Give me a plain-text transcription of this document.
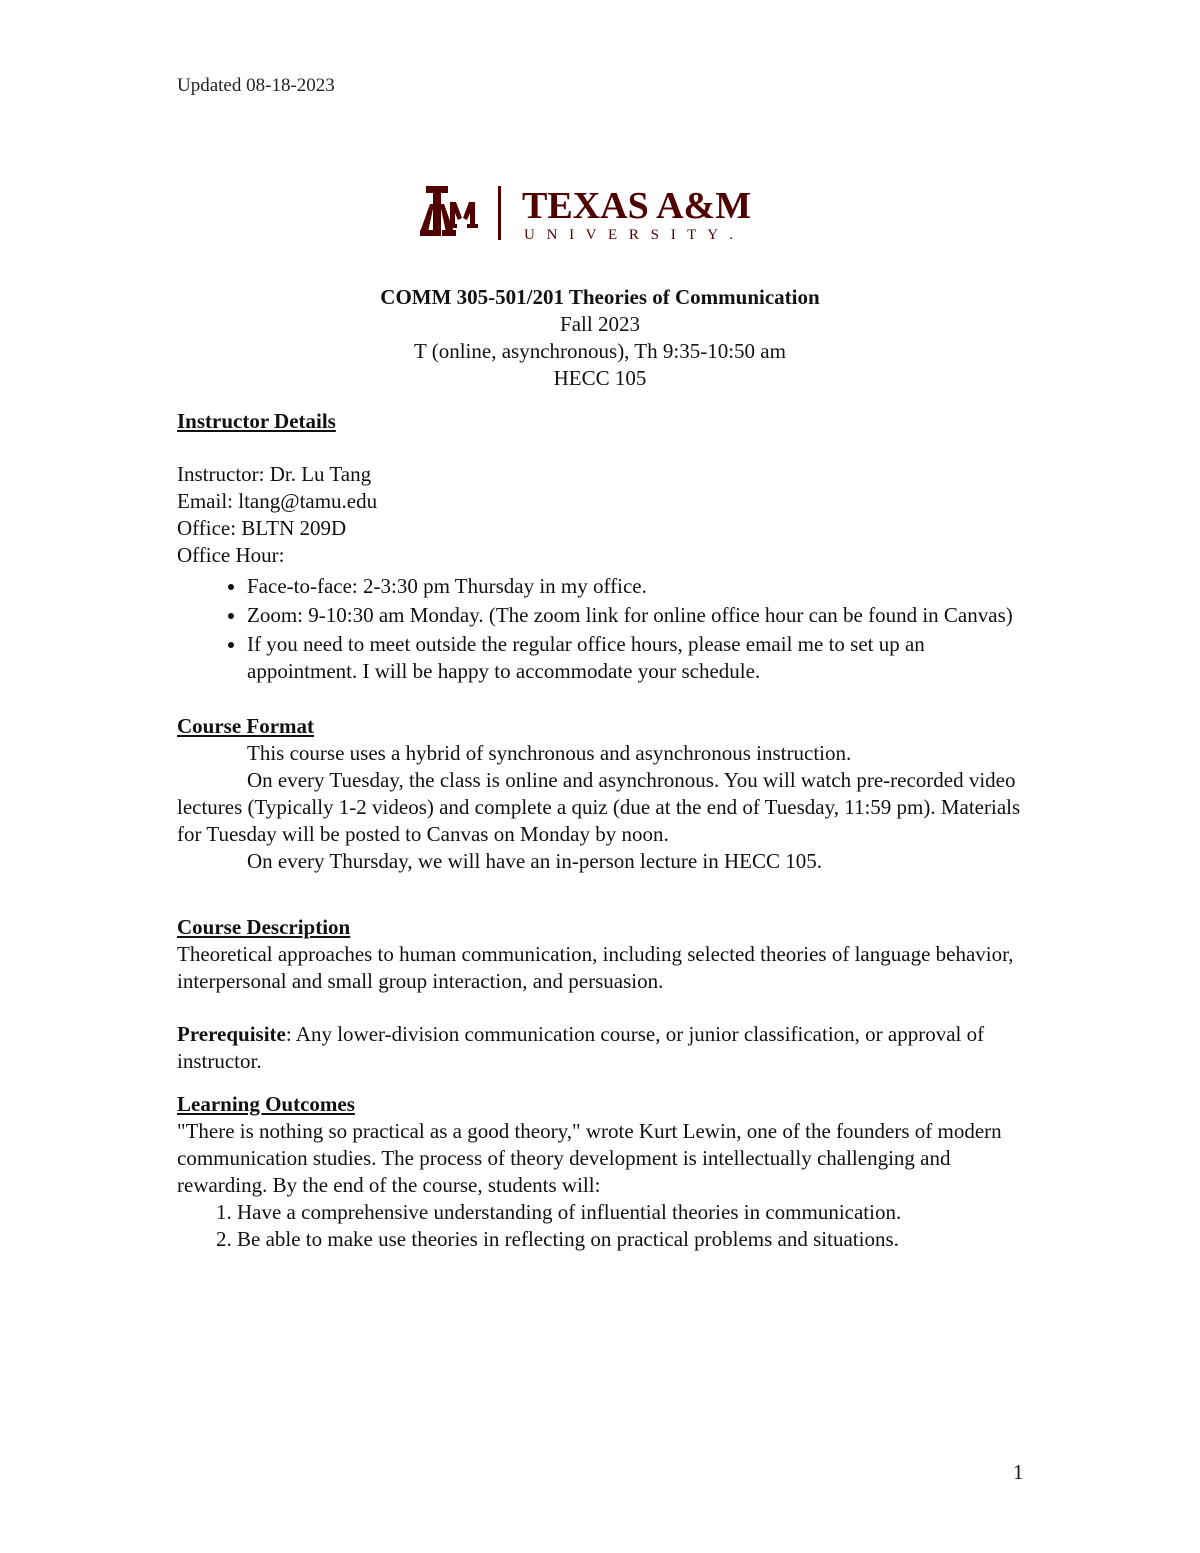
Updated 08-18-2023
TEXAS A&M
U N I V E R S I T Y .
COMM 305-501/201 Theories of Communication
Fall 2023
T (online, asynchronous), Th 9:35-10:50 am
HECC 105

Instructor Details

Instructor: Dr. Lu Tang

Email: ltang@tamu.edu

Office: BLTN 209D

Office Hour:

• Face-to-face: 2-3:30 pm Thursday in my office.
• Zoom: 9-10:30 am Monday. (The zoom link for online office hour can be found in Canvas)
• If you need to meet outside the regular office hours, please email me to set up an appointment. I will be happy to accommodate your schedule.

Course Format

This course uses a hybrid of synchronous and asynchronous instruction.

On every Tuesday, the class is online and asynchronous. You will watch pre-recorded video lectures (Typically 1-2 videos) and complete a quiz (due at the end of Tuesday, 11:59 pm). Materials for Tuesday will be posted to Canvas on Monday by noon.

On every Thursday, we will have an in-person lecture in HECC 105.

Course Description

Theoretical approaches to human communication, including selected theories of language behavior, interpersonal and small group interaction, and persuasion.

Prerequisite: Any lower-division communication course, or junior classification, or approval of instructor.

Learning Outcomes

"There is nothing so practical as a good theory," wrote Kurt Lewin, one of the founders of modern communication studies. The process of theory development is intellectually challenging and rewarding. By the end of the course, students will:

1. Have a comprehensive understanding of influential theories in communication.
2. Be able to make use theories in reflecting on practical problems and situations.
1
